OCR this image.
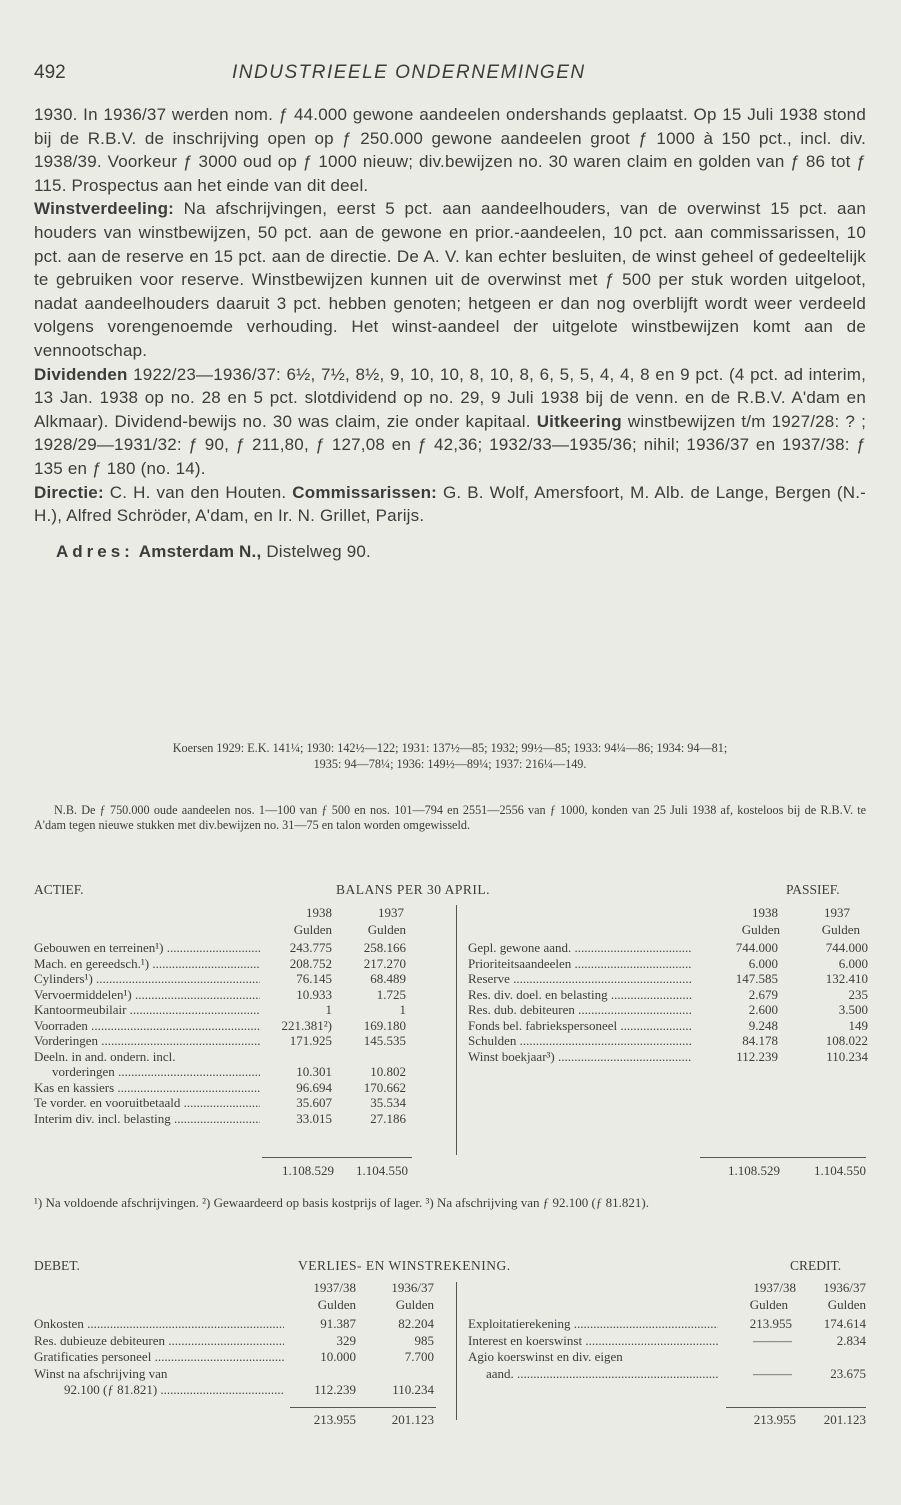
492	INDUSTRIEELE ONDERNEMINGEN

1930. In 1936/37 werden nom. ƒ 44.000 gewone aandeelen ondershands geplaatst. Op 15 Juli 1938 stond bij de R.B.V. de inschrijving open op ƒ 250.000 gewone aandeelen groot ƒ 1000 à 150 pct., incl. div. 1938/39. Voorkeur ƒ 3000 oud op ƒ 1000 nieuw; div.bewijzen no. 30 waren claim en golden van ƒ 86 tot ƒ 115. Prospectus aan het einde van dit deel.

Winstverdeeling: Na afschrijvingen, eerst 5 pct. aan aandeelhouders, van de overwinst 15 pct. aan houders van winstbewijzen, 50 pct. aan de gewone en prior.-aandeelen, 10 pct. aan commissarissen, 10 pct. aan de reserve en 15 pct. aan de directie. De A. V. kan echter besluiten, de winst geheel of gedeeltelijk te gebruiken voor reserve. Winstbewijzen kunnen uit de overwinst met ƒ 500 per stuk worden uitgeloot, nadat aandeelhouders daaruit 3 pct. hebben genoten; hetgeen er dan nog overblijft wordt weer verdeeld volgens vorengenoemde verhouding. Het winst-aandeel der uitgelote winstbewijzen komt aan de vennootschap.

Dividenden 1922/23—1936/37: 6½, 7½, 8½, 9, 10, 10, 8, 10, 8, 6, 5, 5, 4, 4, 8 en 9 pct. (4 pct. ad interim, 13 Jan. 1938 op no. 28 en 5 pct. slotdividend op no. 29, 9 Juli 1938 bij de venn. en de R.B.V. A'dam en Alkmaar). Dividend-bewijs no. 30 was claim, zie onder kapitaal. Uitkeering winstbewijzen t/m 1927/28: ? ; 1928/29—1931/32: ƒ 90, ƒ 211,80, ƒ 127,08 en ƒ 42,36; 1932/33—1935/36; nihil; 1936/37 en 1937/38: ƒ 135 en ƒ 180 (no. 14).

Directie: C. H. van den Houten. Commissarissen: G. B. Wolf, Amersfoort, M. Alb. de Lange, Bergen (N.-H.), Alfred Schröder, A'dam, en Ir. N. Grillet, Parijs.

Adres: Amsterdam N., Distelweg 90.

Koersen 1929: E.K. 141¼; 1930: 142½—122; 1931: 137½—85; 1932; 99½—85; 1933: 94¼—86; 1934: 94—81;
1935: 94—78¼; 1936: 149½—89¼; 1937: 216¼—149.
N.B. De ƒ 750.000 oude aandeelen nos. 1—100 van ƒ 500 en nos. 101—794 en 2551—2556 van ƒ 1000, konden van 25 Juli 1938 af, kosteloos bij de R.B.V. te A'dam tegen nieuwe stukken met div.bewijzen no. 31—75 en talon worden omgewisseld.
ACTIEF.	BALANS PER 30 APRIL.	PASSIEF.
1938	1937
Gulden	Gulden
1938	1937
Gulden	Gulden
Gebouwen en terreinen¹) .....	243.775	258.166
Mach. en gereedsch.¹) .....	208.752	217.270
Cylinders¹) .....	76.145	68.489
Vervoermiddelen¹) .....	10.933	1.725
Kantoormeubilair .....	1	1
Voorraden .....	221.381²)	169.180
Vorderingen .....	171.925	145.535
Deeln. in and. ondern. incl.
vorderingen .....	10.301	10.802
Kas en kassiers .....	96.694	170.662
Te vorder. en vooruitbetaald .....	35.607	35.534
Interim div. incl. belasting .....	33.015	27.186
Gepl. gewone aand. .....	744.000	744.000
Prioriteitsaandeelen .....	6.000	6.000
Reserve .....	147.585	132.410
Res. div. doel. en belasting .....	2.679	235
Res. dub. debiteuren .....	2.600	3.500
Fonds bel. fabriekspersoneel .....	9.248	149
Schulden .....	84.178	108.022
Winst boekjaar³) .....	112.239	110.234
1.108.529	1.104.550	1.108.529	1.104.550
¹) Na voldoende afschrijvingen. ²) Gewaardeerd op basis kostprijs of lager. ³) Na afschrijving van ƒ 92.100 (ƒ 81.821).
DEBET.	VERLIES- EN WINSTREKENING.	CREDIT.
1937/38	1936/37
Gulden	Gulden
1937/38	1936/37
Gulden	Gulden
Onkosten .....	91.387	82.204
Res. dubieuze debiteuren .....	329	985
Gratificaties personeel .....	10.000	7.700
Winst na afschrijving van
92.100 (ƒ 81.821) .....	112.239	110.234
Exploitatierekening .....	213.955	174.614
Interest en koerswinst .....	———	2.834
Agio koerswinst en div. eigen
aand. .....	———	23.675
213.955	201.123	213.955	201.123
